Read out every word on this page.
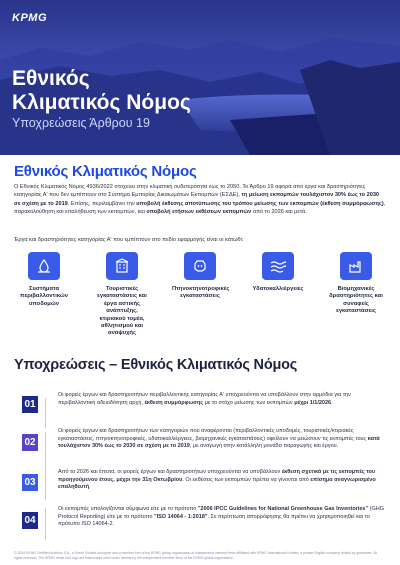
KPMG
Εθνικός
Κλιματικός Νόμος
Υποχρεώσεις Άρθρου 19
Εθνικός Κλιματικός Νόμος

Ο Εθνικός Κλιματικός Νόμος 4936/2022 στοχεύει στην κλιματική ουδετερότητα έως το 2050. Το Άρθρο 19 αφορά από έργα και δραστηριότητες κατηγορίας Α' που δεν εμπίπτουν στο Σύστημα Εμπορίας Δικαιωμάτων Εκπομπών (ΕΣΔΕ), τη μείωση εκπομπών τουλάχιστον 30% έως το 2030 σε σχέση με το 2019. Επίσης, περιλαμβάνει την υποβολή έκθεσης αποτύπωσης του τρόπου μείωσης των εκπομπών (έκθεση συμμόρφωσης), παρακολούθηση και επαλήθευση των εκπομπών, και υποβολή ετήσιων εκθέσεων εκπομπών από το 2026 και μετά.

Έργα και δραστηριότητες κατηγορίας Α' που εμπίπτουν στο πεδίο εφαρμογής είναι οι κάτωθι:

Συστήματα περιβαλλοντικών υποδομών
Τουριστικές εγκαταστάσεις και έργα αστικής ανάπτυξης, κτιριακού τομέα, αθλητισμού και αναψυχής
Πτηνοκτηνοτροφικές εγκαταστάσεις
Υδατοκαλλιέργειες	Βιομηχανικές δραστηριότητες και συναφείς εγκαταστάσεις
Υποχρεώσεις – Εθνικός Κλιματικός Νόμος
01

Οι φορείς έργων και δραστηριοτήτων περιβαλλοντικής κατηγορίας Α' υποχρεούνται να υποβάλλουν στην αρμόδια για την περιβαλλοντική αδειοδότηση αρχή, έκθεση συμμόρφωσης με το στόχο μείωσης των εκπομπών μέχρι 1/1/2026.

02

Οι φορείς έργων και δραστηριοτήτων των κατηγοριών που αναφέρονται (περιβαλλοντικές υποδομές, τουριστικές/κτιριακές εγκαταστάσεις, πτηνοκτηνοτροφικές, υδατοκαλλιέργειες, βιομηχανικές εγκαταστάσεις) οφείλουν να μειώσουν τις εκπομπές τους κατά τουλάχιστον 30% έως το 2030 σε σχέση με το 2019, με αναγωγή στην κατάλληλη μονάδα παραγωγής και έργου.

03

Από το 2026 και έπειτα, οι φορείς έργων και δραστηριοτήτων υποχρεούνται να υποβάλλουν έκθεση σχετικά με τις εκπομπές του προηγούμενου έτους, μέχρι την 31η Οκτωβρίου. Οι εκθέσεις των εκπομπών πρέπει να γίνονται από επίσημα αναγνωρισμένο επαληθευτή.

04

Οι εκπομπές υπολογίζονται σύμφωνα είτε με το πρότυπο "2006 IPCC Guidelines for National Greenhouse Gas Inventories" (GHG Protocol Reporting) είτε με το πρότυπο "ISO 14064 - 1:2018". Σε περίπτωση απορρόφησης θα πρέπει να χρησιμοποιηθεί και το πρότυπο ISO 14064-2.

© 2024 KPMG Certified Auditors S.A., a Greek Société Anonyme and a member firm of the KPMG global organization of independent member firms affiliated with KPMG International Limited, a private English company limited by guarantee. All rights reserved. The KPMG name and logo are trademarks used under license by the independent member firms of the KPMG global organization.
